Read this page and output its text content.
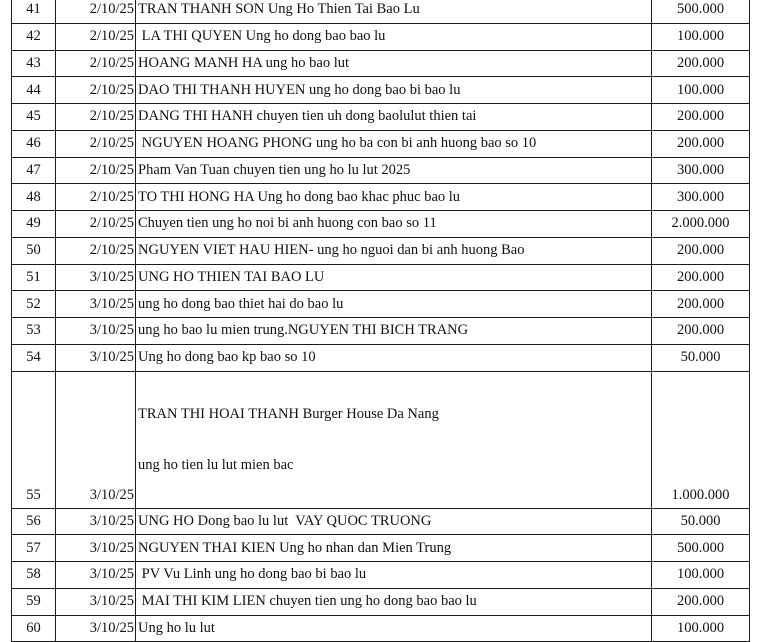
41	2/10/25	TRAN THANH SON Ung Ho Thien Tai Bao Lu	500.000
42	2/10/25	LA THI QUYEN Ung ho dong bao bao lu	100.000
43	2/10/25	HOANG MANH HA ung ho bao lut	200.000
44	2/10/25	DAO THI THANH HUYEN ung ho dong bao bi bao lu	100.000
45	2/10/25	DANG THI HANH chuyen tien uh dong baolulut thien tai	200.000
46	2/10/25	NGUYEN HOANG PHONG ung ho ba con bi anh huong bao so 10	200.000
47	2/10/25	Pham Van Tuan chuyen tien ung ho lu lut 2025	300.000
48	2/10/25	TO THI HONG HA Ung ho dong bao khac phuc bao lu	300.000
49	2/10/25	Chuyen tien ung ho noi bi anh huong con bao so 11	2.000.000
50	2/10/25	NGUYEN VIET HAU HIEN- ung ho nguoi dan bi anh huong Bao	200.000
51	3/10/25	UNG HO THIEN TAI BAO LU	200.000
52	3/10/25	ung ho dong bao thiet hai do bao lu	200.000
53	3/10/25	ung ho bao lu mien trung.NGUYEN THI BICH TRANG	200.000
54	3/10/25	Ung ho dong bao kp bao so 10	50.000
55	3/10/25	TRAN THI HOAI THANH Burger House Da Nang

ung ho tien lu lut mien bac	1.000.000
56	3/10/25	UNG HO Dong bao lu lut  VAY QUOC TRUONG	50.000
57	3/10/25	NGUYEN THAI KIEN Ung ho nhan dan Mien Trung	500.000
58	3/10/25	PV Vu Linh ung ho dong bao bi bao lu	100.000
59	3/10/25	MAI THI KIM LIEN chuyen tien ung ho dong bao bao lu	200.000
60	3/10/25	Ung ho lu lut	100.000
